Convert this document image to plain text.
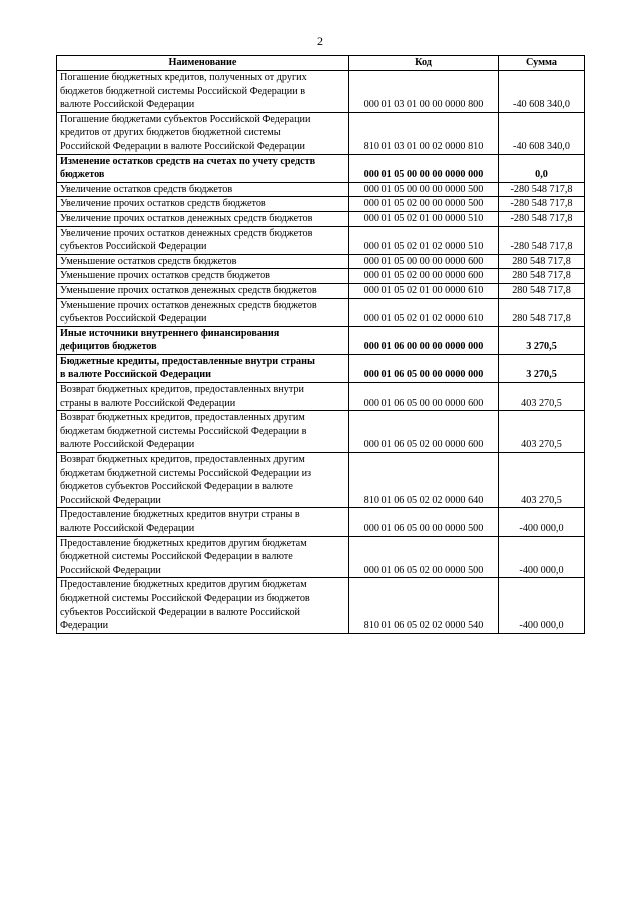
2
Наименование	Код	Сумма
Погашение бюджетных кредитов, полученных от других
бюджетов бюджетной системы Российской Федерации в
валюте Российской Федерации	000 01 03 01 00 00 0000 800	-40 608 340,0
Погашение бюджетами субъектов Российской Федерации
кредитов от других бюджетов бюджетной системы
Российской Федерации в валюте Российской Федерации	810 01 03 01 00 02 0000 810	-40 608 340,0
Изменение остатков средств на счетах по учету средств
бюджетов	000 01 05 00 00 00 0000 000	0,0
Увеличение остатков средств бюджетов	000 01 05 00 00 00 0000 500	-280 548 717,8
Увеличение прочих остатков средств бюджетов	000 01 05 02 00 00 0000 500	-280 548 717,8
Увеличение прочих остатков денежных средств бюджетов	000 01 05 02 01 00 0000 510	-280 548 717,8
Увеличение прочих остатков денежных средств бюджетов
субъектов Российской Федерации	000 01 05 02 01 02 0000 510	-280 548 717,8
Уменьшение остатков средств бюджетов	000 01 05 00 00 00 0000 600	280 548 717,8
Уменьшение прочих остатков средств бюджетов	000 01 05 02 00 00 0000 600	280 548 717,8
Уменьшение прочих остатков денежных средств бюджетов	000 01 05 02 01 00 0000 610	280 548 717,8
Уменьшение прочих остатков денежных средств бюджетов
субъектов Российской Федерации	000 01 05 02 01 02 0000 610	280 548 717,8
Иные источники внутреннего финансирования
дефицитов бюджетов	000 01 06 00 00 00 0000 000	3 270,5
Бюджетные кредиты, предоставленные внутри страны
в валюте Российской Федерации	000 01 06 05 00 00 0000 000	3 270,5
Возврат бюджетных кредитов, предоставленных внутри
страны в валюте Российской Федерации	000 01 06 05 00 00 0000 600	403 270,5
Возврат бюджетных кредитов, предоставленных другим
бюджетам бюджетной системы Российской Федерации в
валюте Российской Федерации	000 01 06 05 02 00 0000 600	403 270,5
Возврат бюджетных кредитов, предоставленных другим
бюджетам бюджетной системы Российской Федерации из
бюджетов субъектов Российской Федерации в валюте
Российской Федерации	810 01 06 05 02 02 0000 640	403 270,5
Предоставление бюджетных кредитов внутри страны в
валюте Российской Федерации	000 01 06 05 00 00 0000 500	-400 000,0
Предоставление бюджетных кредитов другим бюджетам
бюджетной системы Российской Федерации в валюте
Российской Федерации	000 01 06 05 02 00 0000 500	-400 000,0
Предоставление бюджетных кредитов другим бюджетам
бюджетной системы Российской Федерации из бюджетов
субъектов Российской Федерации в валюте Российской
Федерации	810 01 06 05 02 02 0000 540	-400 000,0
